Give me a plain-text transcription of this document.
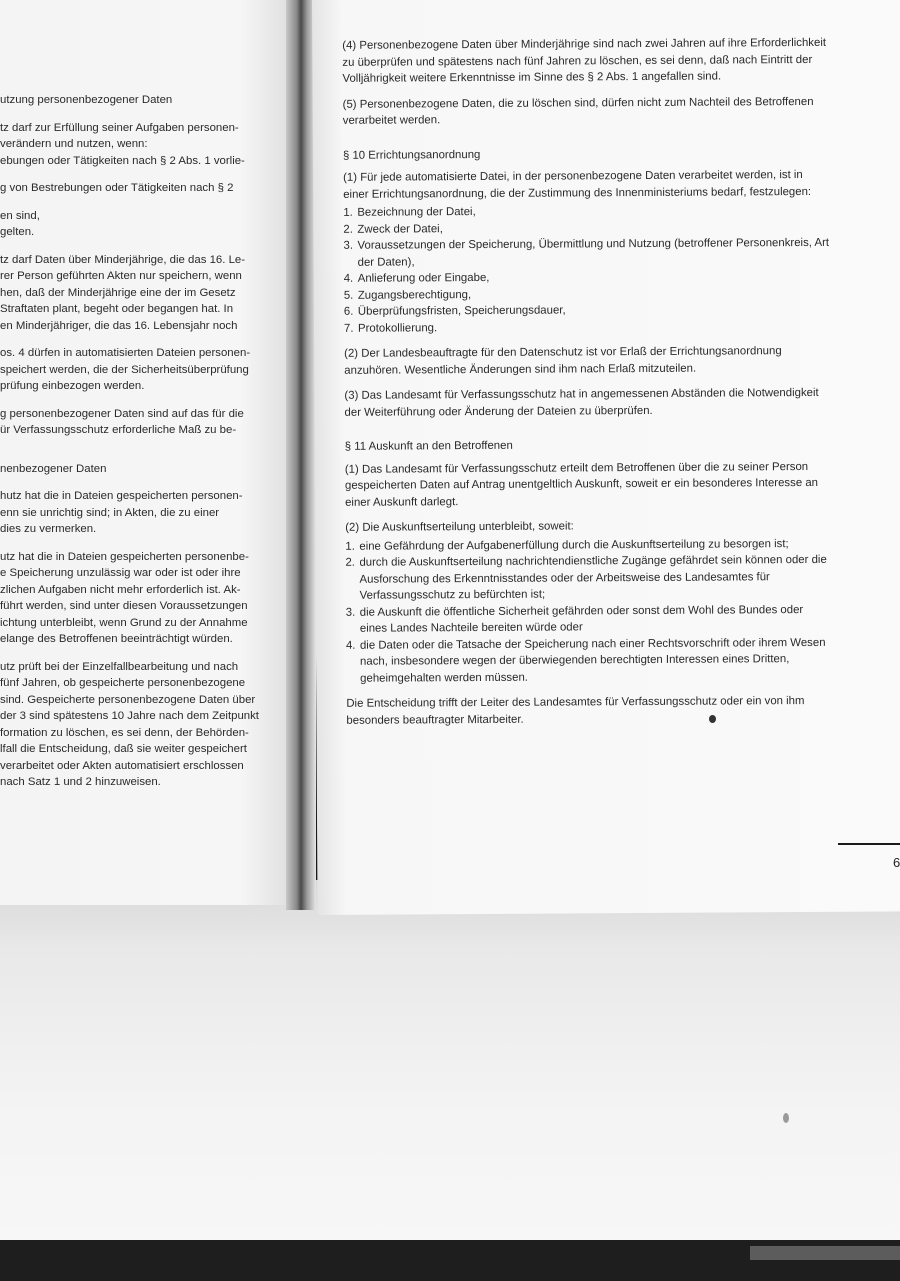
utzung personenbezogener Daten
tz darf zur Erfüllung seiner Aufgaben personen-
verändern und nutzen, wenn:
ebungen oder Tätigkeiten nach § 2 Abs. 1 vorlie-
g von Bestrebungen oder Tätigkeiten nach § 2
en sind,
gelten.
tz darf Daten über Minderjährige, die das 16. Le-
rer Person geführten Akten nur speichern, wenn
hen, daß der Minderjährige eine der im Gesetz
Straftaten plant, begeht oder begangen hat. In
en Minderjähriger, die das 16. Lebensjahr noch
os. 4 dürfen in automatisierten Dateien personen-
speichert werden, die der Sicherheitsüberprüfung
prüfung einbezogen werden.
g personenbezogener Daten sind auf das für die
ür Verfassungsschutz erforderliche Maß zu be-
nenbezogener Daten
hutz hat die in Dateien gespeicherten personen-
enn sie unrichtig sind; in Akten, die zu einer
dies zu vermerken.
utz hat die in Dateien gespeicherten personenbe-
e Speicherung unzulässig war oder ist oder ihre
zlichen Aufgaben nicht mehr erforderlich ist. Ak-
führt werden, sind unter diesen Voraussetzungen
ichtung unterbleibt, wenn Grund zu der Annahme
elange des Betroffenen beeinträchtigt würden.
utz prüft bei der Einzelfallbearbeitung und nach
fünf Jahren, ob gespeicherte personenbezogene
sind. Gespeicherte personenbezogene Daten über
der 3 sind spätestens 10 Jahre nach dem Zeitpunkt
formation zu löschen, es sei denn, der Behörden-
lfall die Entscheidung, daß sie weiter gespeichert
verarbeitet oder Akten automatisiert erschlossen
nach Satz 1 und 2 hinzuweisen.

(4) Personenbezogene Daten über Minderjährige sind nach zwei Jahren auf ihre Erforderlichkeit zu überprüfen und spätestens nach fünf Jahren zu löschen, es sei denn, daß nach Eintritt der Volljährigkeit weitere Erkenntnisse im Sinne des § 2 Abs. 1 angefallen sind.

(5) Personenbezogene Daten, die zu löschen sind, dürfen nicht zum Nachteil des Betroffenen verarbeitet werden.

§ 10 Errichtungsanordnung

(1) Für jede automatisierte Datei, in der personenbezogene Daten verarbeitet werden, ist in einer Errichtungsanordnung, die der Zustimmung des Innenministeriums bedarf, festzulegen:

1. Bezeichnung der Datei,
2. Zweck der Datei,
3. Voraussetzungen der Speicherung, Übermittlung und Nutzung (betroffener Personenkreis, Art der Daten),
4. Anlieferung oder Eingabe,
5. Zugangsberechtigung,
6. Überprüfungsfristen, Speicherungsdauer,
7. Protokollierung.

(2) Der Landesbeauftragte für den Datenschutz ist vor Erlaß der Errichtungsanordnung anzuhören. Wesentliche Änderungen sind ihm nach Erlaß mitzuteilen.

(3) Das Landesamt für Verfassungsschutz hat in angemessenen Abständen die Notwendigkeit der Weiterführung oder Änderung der Dateien zu überprüfen.

§ 11 Auskunft an den Betroffenen

(1) Das Landesamt für Verfassungsschutz erteilt dem Betroffenen über die zu seiner Person gespeicherten Daten auf Antrag unentgeltlich Auskunft, soweit er ein besonderes Interesse an einer Auskunft darlegt.

(2) Die Auskunftserteilung unterbleibt, soweit:

1. eine Gefährdung der Aufgabenerfüllung durch die Auskunftserteilung zu besorgen ist;
2. durch die Auskunftserteilung nachrichtendienstliche Zugänge gefährdet sein können oder die Ausforschung des Erkenntnisstandes oder der Arbeitsweise des Landesamtes für Verfassungsschutz zu befürchten ist;
3. die Auskunft die öffentliche Sicherheit gefährden oder sonst dem Wohl des Bundes oder eines Landes Nachteile bereiten würde oder
4. die Daten oder die Tatsache der Speicherung nach einer Rechtsvorschrift oder ihrem Wesen nach, insbesondere wegen der überwiegenden berechtigten Interessen eines Dritten, geheimgehalten werden müssen.

Die Entscheidung trifft der Leiter des Landesamtes für Verfassungsschutz oder ein von ihm besonders beauftragter Mitarbeiter.

6
